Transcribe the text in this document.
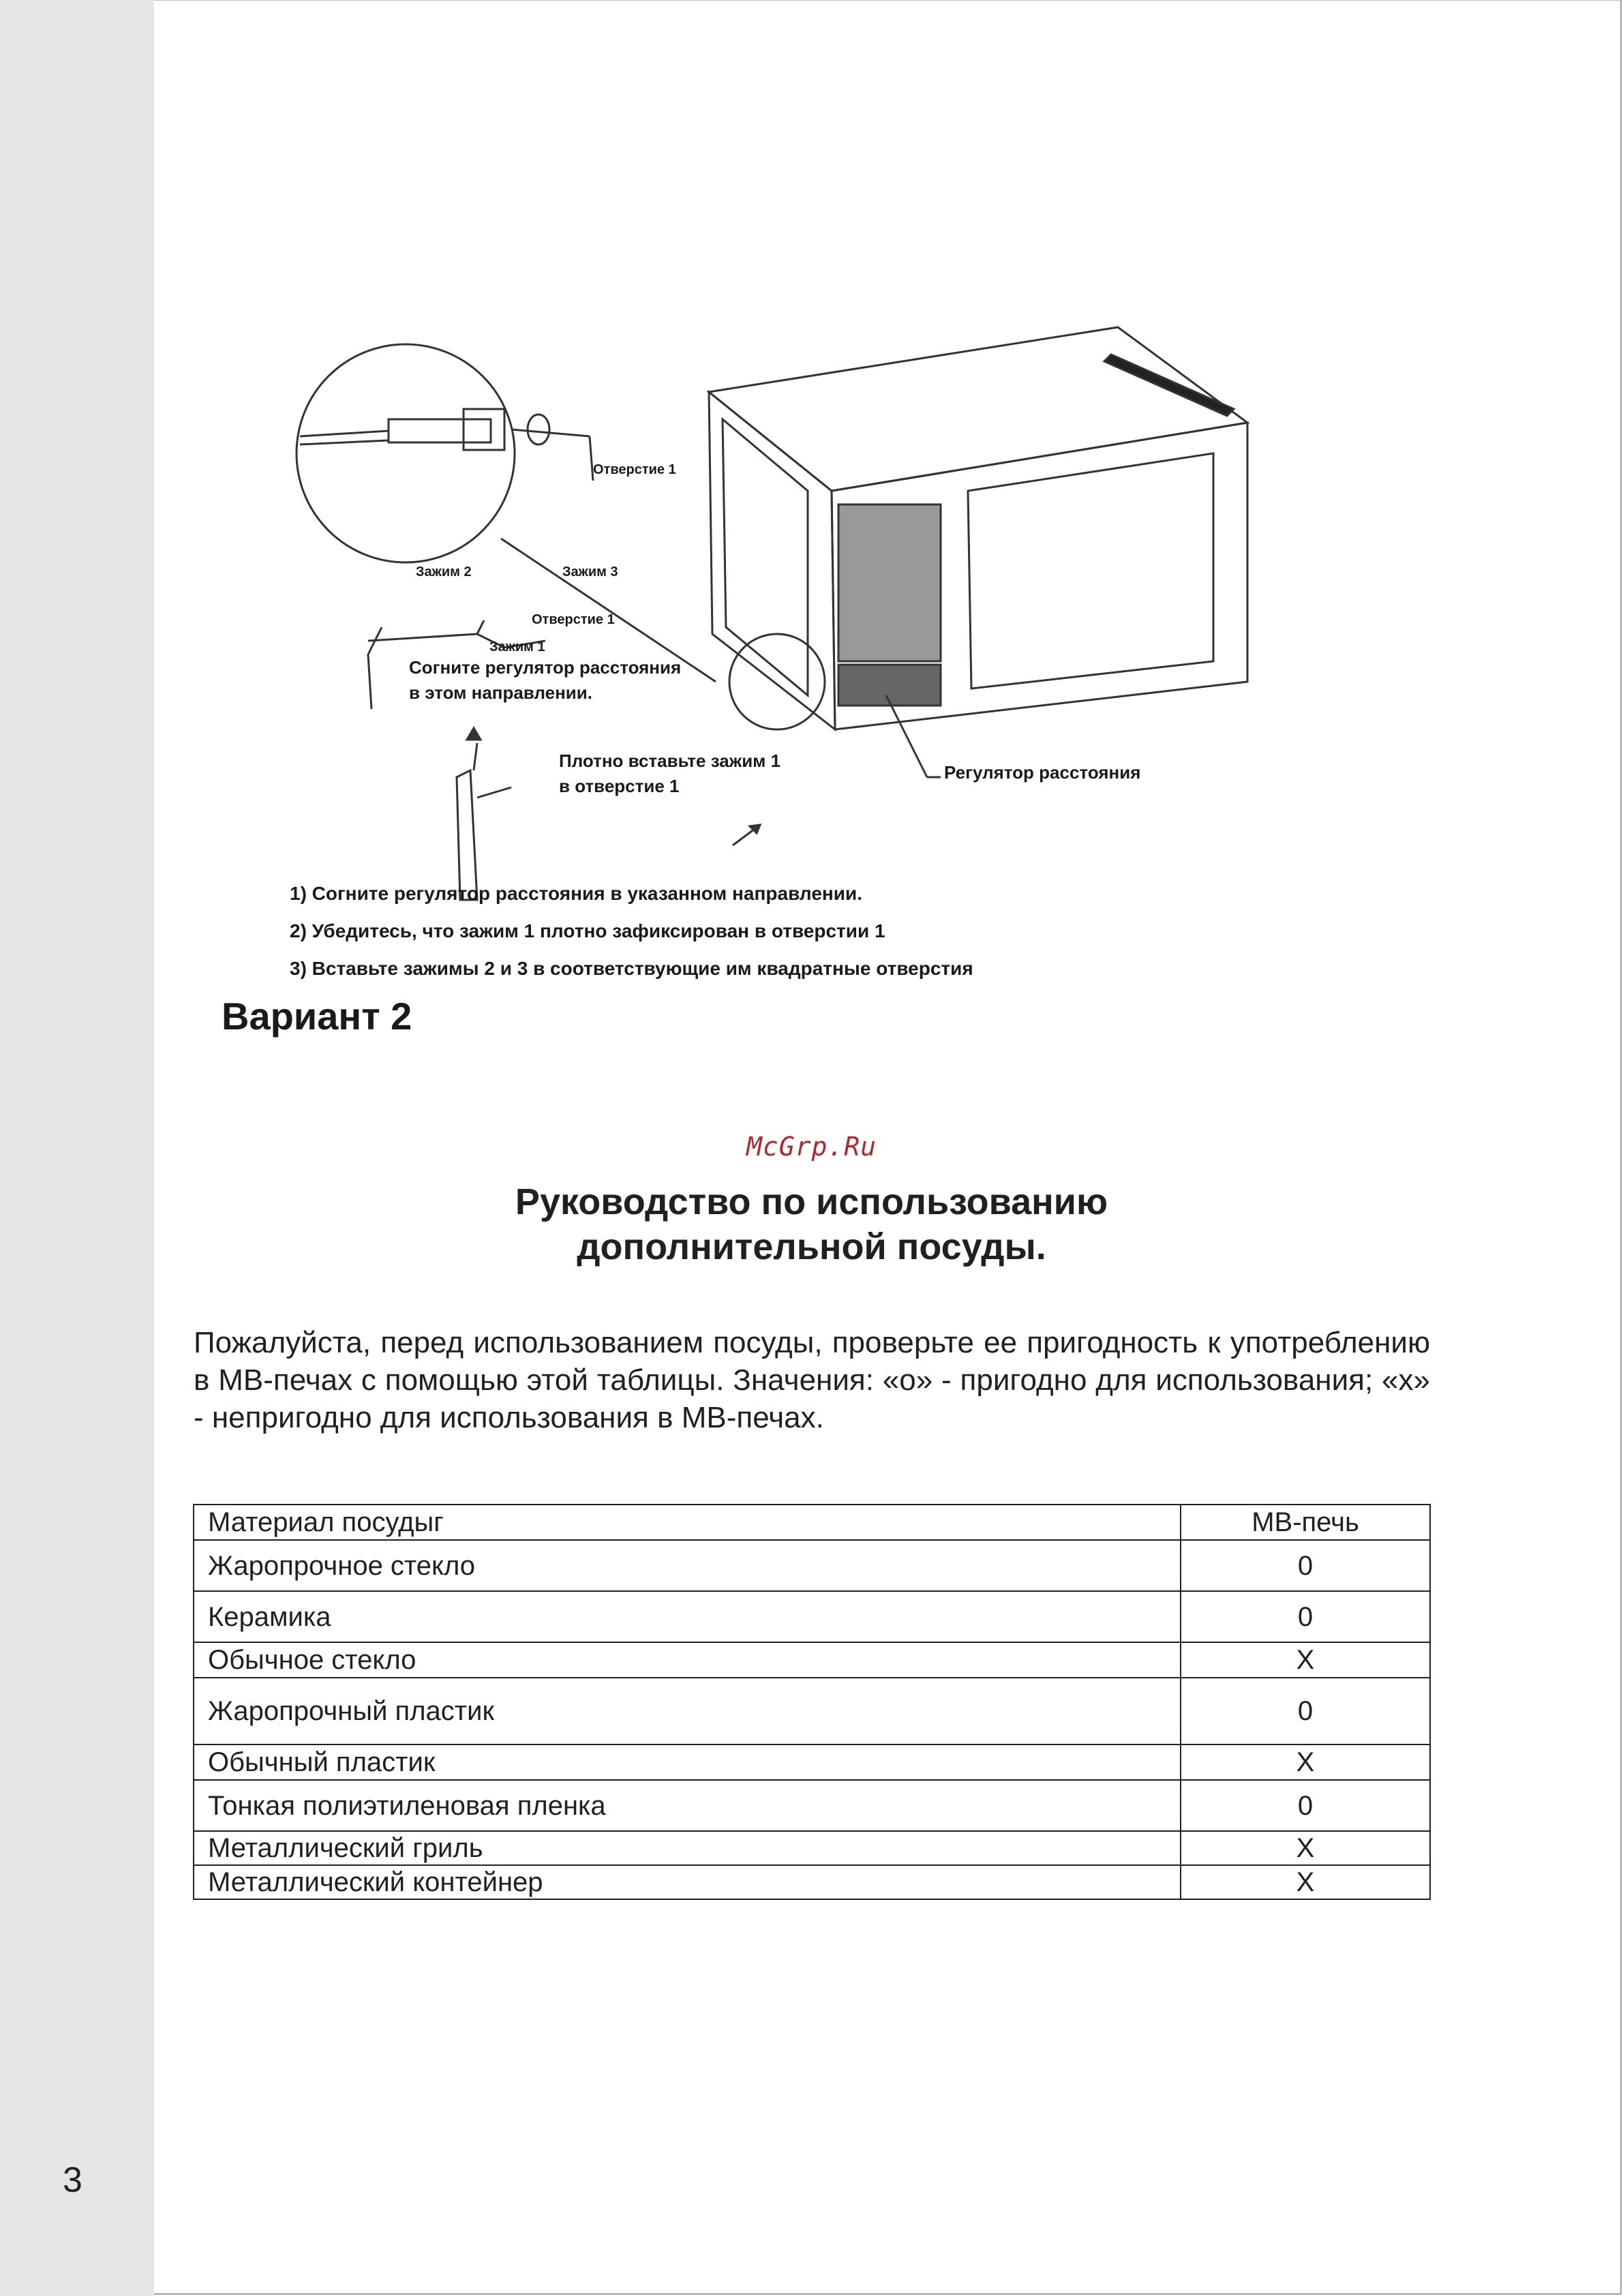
3
Отверстие 1
Зажим 2	Зажим 3
Отверстие 1
Зажим 1
Согните регулятор расстояния
в этом направлении.
Плотно вставьте зажим 1
в отверстие 1
Регулятор расстояния
1) Согните регулятор расстояния в указанном направлении.
2) Убедитесь, что зажим 1 плотно зафиксирован в отверстии 1
3) Вставьте зажимы 2 и 3 в соответствующие им квадратные отверстия
Вариант 2
McGrp.Ru
Руководство по использованию
дополнительной посуды.
Пожалуйста, перед использованием посуды, проверьте ее пригодность к употреблению в МВ-печах с помощью этой таблицы. Значения: «о» - пригодно для использования; «х» - непригодно для использования в МВ-печах.
Материал посудыг	МВ-печь
Жаропрочное стекло	0
Керамика	0
Обычное стекло	X
Жаропрочный пластик	0
Обычный пластик	X
Тонкая полиэтиленовая пленка	0
Металлический гриль	X
Металлический контейнер	X
